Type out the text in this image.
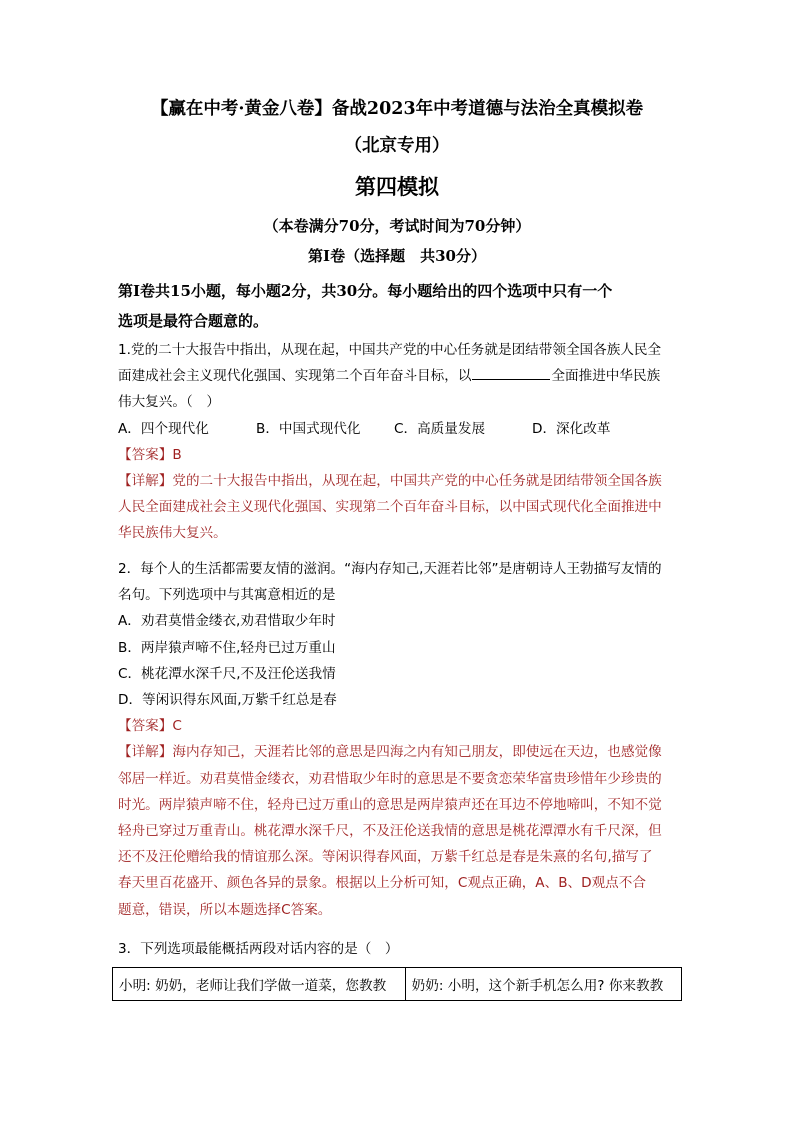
【赢在中考·黄金八卷】备战2023年中考道德与法治全真模拟卷
（北京专用）
第四模拟
（本卷满分70分，考试时间为70分钟）
第I卷（选择题　共30分）

第I卷共15小题，每小题2分，共30分。每小题给出的四个选项中只有一个

选项是最符合题意的。

1.党的二十大报告中指出，从现在起，中国共产党的中心任务就是团结带领全国各族人民全

面建成社会主义现代化强国、实现第二个百年奋斗目标，以	全面推进中华民族

伟大复兴。（　）

A．四个现代化	B．中国式现代化	C．高质量发展	D．深化改革

【答案】B

【详解】党的二十大报告中指出，从现在起，中国共产党的中心任务就是团结带领全国各族

人民全面建成社会主义现代化强国、实现第二个百年奋斗目标，以中国式现代化全面推进中

华民族伟大复兴。

2．每个人的生活都需要友情的滋润。“海内存知己,天涯若比邻”是唐朝诗人王勃描写友情的

名句。下列选项中与其寓意相近的是

A．劝君莫惜金缕衣,劝君惜取少年时

B．两岸猿声啼不住,轻舟已过万重山

C．桃花潭水深千尺,不及汪伦送我情

D．等闲识得东风面,万紫千红总是春

【答案】C

【详解】海内存知己，天涯若比邻的意思是四海之内有知己朋友，即使远在天边，也感觉像

邻居一样近。劝君莫惜金缕衣，劝君惜取少年时的意思是不要贪恋荣华富贵珍惜年少珍贵的

时光。两岸猿声啼不住，轻舟已过万重山的意思是两岸猿声还在耳边不停地啼叫，不知不觉

轻舟已穿过万重青山。桃花潭水深千尺，不及汪伦送我情的意思是桃花潭潭水有千尺深，但

还不及汪伦赠给我的情谊那么深。等闲识得春风面，万紫千红总是春是朱熹的名句,描写了

春天里百花盛开、颜色各异的景象。根据以上分析可知，C观点正确，A、B、D观点不合

题意，错误，所以本题选择C答案。

3．下列选项最能概括两段对话内容的是（　）

小明: 奶奶，老师让我们学做一道菜，您教教	奶奶: 小明，这个新手机怎么用? 你来教教
